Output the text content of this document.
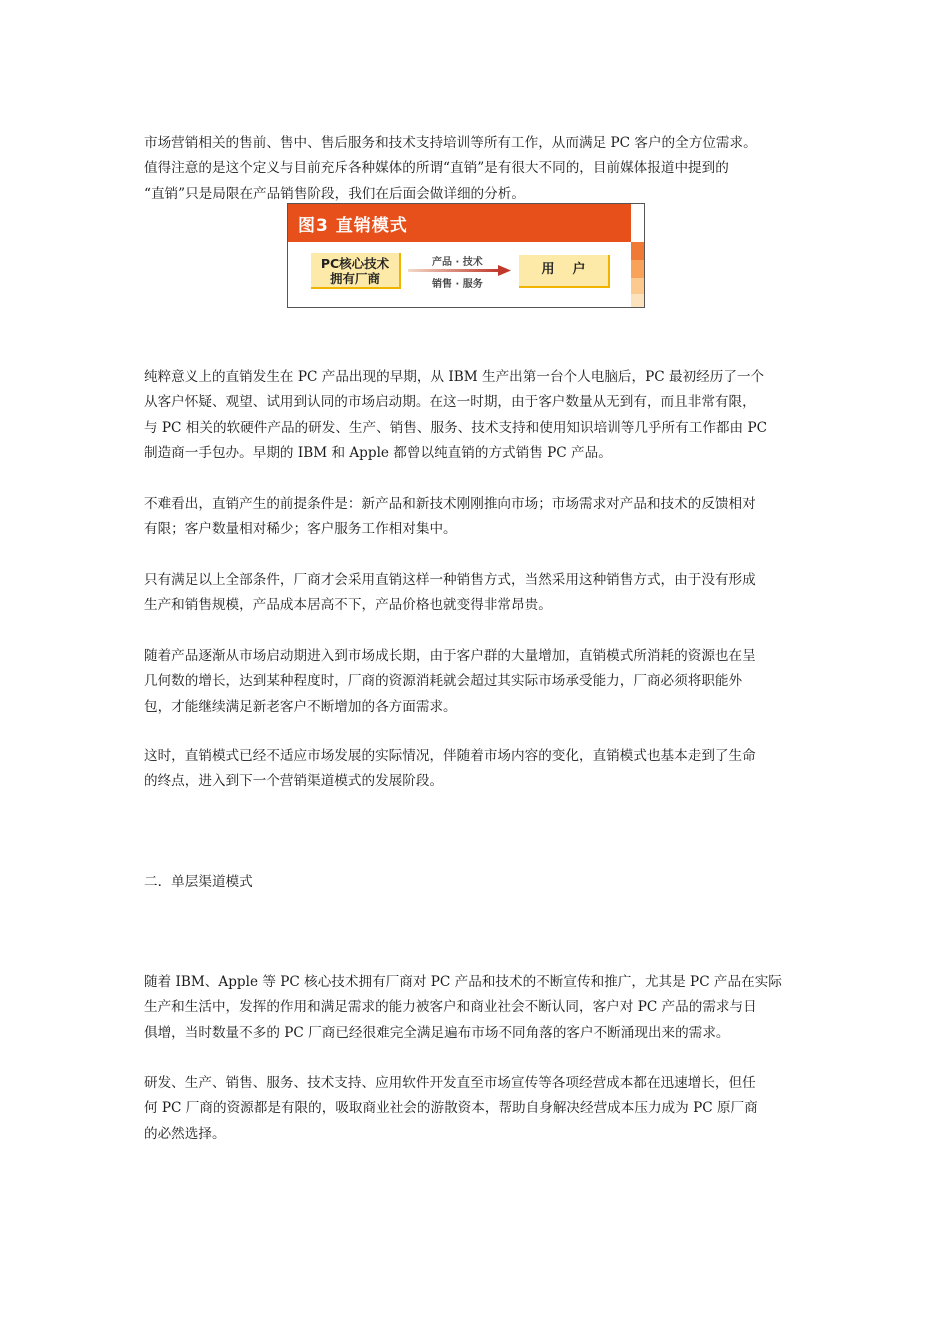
市场营销相关的售前、售中、售后服务和技术支持培训等所有工作，从而满足 PC 客户的全方位需求。
值得注意的是这个定义与目前充斥各种媒体的所谓“直销”是有很大不同的，目前媒体报道中提到的
“直销”只是局限在产品销售阶段，我们在后面会做详细的分析。
图3 直销模式
PC核心技术
拥有厂商
产品 · 技术
销售 · 服务
用    户
纯粹意义上的直销发生在 PC 产品出现的早期，从 IBM 生产出第一台个人电脑后，PC 最初经历了一个
从客户怀疑、观望、试用到认同的市场启动期。在这一时期，由于客户数量从无到有，而且非常有限，
与 PC 相关的软硬件产品的研发、生产、销售、服务、技术支持和使用知识培训等几乎所有工作都由 PC
制造商一手包办。早期的 IBM 和 Apple 都曾以纯直销的方式销售 PC 产品。
不难看出，直销产生的前提条件是：新产品和新技术刚刚推向市场；市场需求对产品和技术的反馈相对
有限；客户数量相对稀少；客户服务工作相对集中。
只有满足以上全部条件，厂商才会采用直销这样一种销售方式，当然采用这种销售方式，由于没有形成
生产和销售规模，产品成本居高不下，产品价格也就变得非常昂贵。
随着产品逐渐从市场启动期进入到市场成长期，由于客户群的大量增加，直销模式所消耗的资源也在呈
几何数的增长，达到某种程度时，厂商的资源消耗就会超过其实际市场承受能力，厂商必须将职能外
包，才能继续满足新老客户不断增加的各方面需求。
这时，直销模式已经不适应市场发展的实际情况，伴随着市场内容的变化，直销模式也基本走到了生命
的终点，进入到下一个营销渠道模式的发展阶段。
二．单层渠道模式
随着 IBM、Apple 等 PC 核心技术拥有厂商对 PC 产品和技术的不断宣传和推广，尤其是 PC 产品在实际
生产和生活中，发挥的作用和满足需求的能力被客户和商业社会不断认同，客户对 PC 产品的需求与日
俱增，当时数量不多的 PC 厂商已经很难完全满足遍布市场不同角落的客户不断涌现出来的需求。
研发、生产、销售、服务、技术支持、应用软件开发直至市场宣传等各项经营成本都在迅速增长，但任
何 PC 厂商的资源都是有限的，吸取商业社会的游散资本，帮助自身解决经营成本压力成为 PC 原厂商
的必然选择。
